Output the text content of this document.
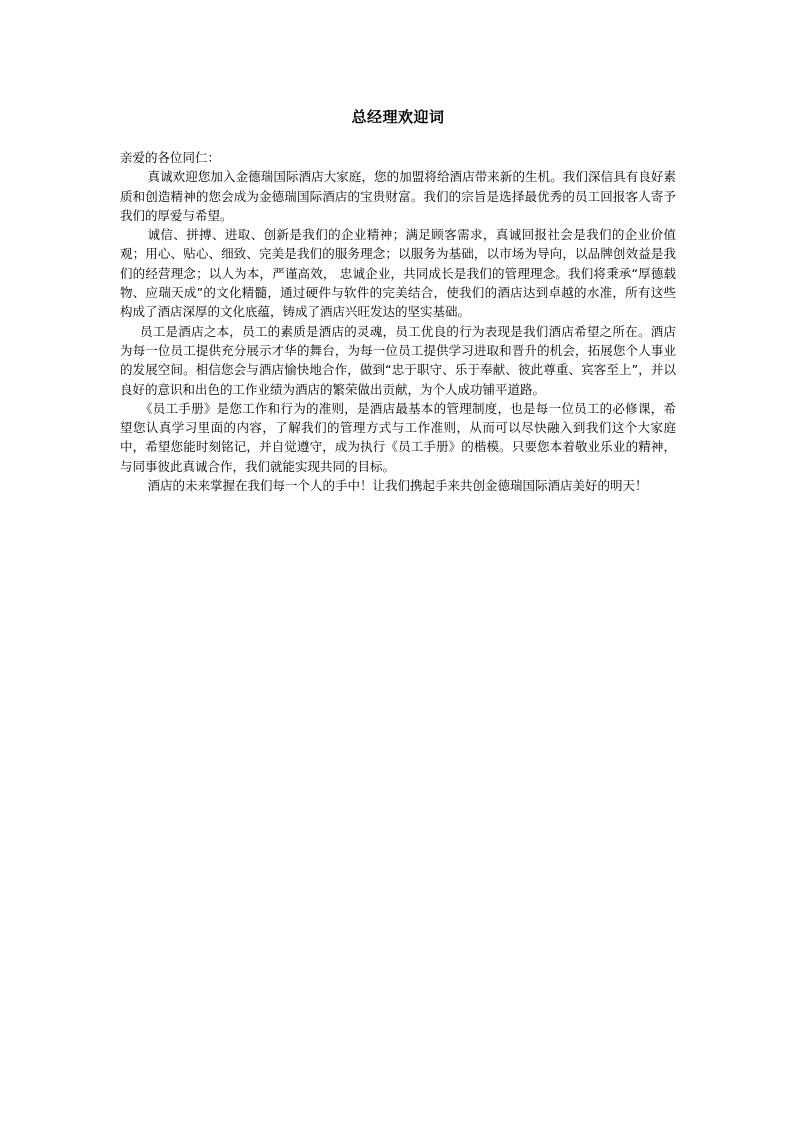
总经理欢迎词

亲爱的各位同仁：

真诚欢迎您加入金德瑞国际酒店大家庭，您的加盟将给酒店带来新的生机。我们深信具有良好素质和创造精神的您会成为金德瑞国际酒店的宝贵财富。我们的宗旨是选择最优秀的员工回报客人寄予我们的厚爱与希望。

诚信、拼搏、进取、创新是我们的企业精神；满足顾客需求，真诚回报社会是我们的企业价值观；用心、贴心、细致、完美是我们的服务理念；以服务为基础，以市场为导向，以品牌创效益是我们的经营理念；以人为本，严谨高效， 忠诚企业，共同成长是我们的管理理念。我们将秉承“厚德载物、应瑞天成”的文化精髓，通过硬件与软件的完美结合，使我们的酒店达到卓越的水准，所有这些构成了酒店深厚的文化底蕴，铸成了酒店兴旺发达的坚实基础。

员工是酒店之本，员工的素质是酒店的灵魂，员工优良的行为表现是我们酒店希望之所在。酒店为每一位员工提供充分展示才华的舞台，为每一位员工提供学习进取和晋升的机会，拓展您个人事业的发展空间。相信您会与酒店愉快地合作，做到“忠于职守、乐于奉献、彼此尊重、宾客至上”，并以良好的意识和出色的工作业绩为酒店的繁荣做出贡献，为个人成功铺平道路。

《员工手册》是您工作和行为的准则，是酒店最基本的管理制度，也是每一位员工的必修课，希望您认真学习里面的内容，了解我们的管理方式与工作准则，从而可以尽快融入到我们这个大家庭中，希望您能时刻铭记，并自觉遵守，成为执行《员工手册》的楷模。只要您本着敬业乐业的精神，与同事彼此真诚合作，我们就能实现共同的目标。

酒店的未来掌握在我们每一个人的手中！让我们携起手来共创金德瑞国际酒店美好的明天！
